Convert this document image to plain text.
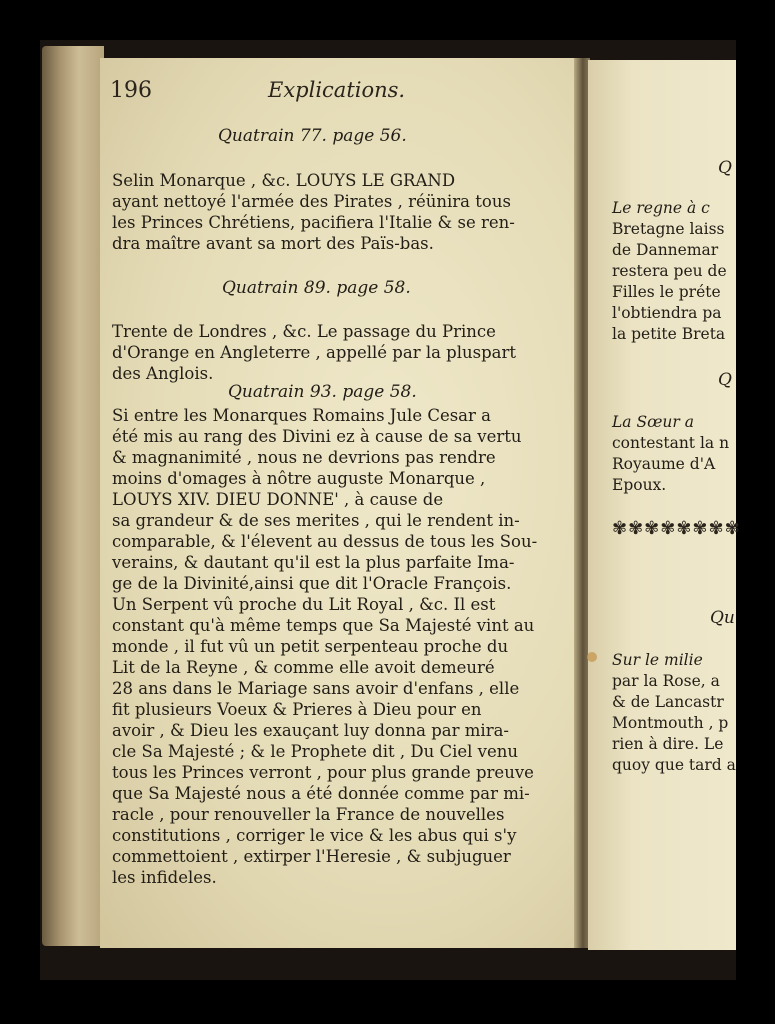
196	Explications.
Quatrain 77. page 56.
Selin Monarque , &c. LOUYS LE GRAND
ayant nettoyé l'armée des Pirates , réünira tous
les Princes Chrétiens, pacifiera l'Italie & se ren-
dra maître avant sa mort des Païs-bas.
Quatrain 89. page 58.
Trente de Londres , &c. Le passage du Prince
d'Orange en Angleterre , appellé par la pluspart
des Anglois.
Quatrain 93. page 58.
Si entre les Monarques Romains Jule Cesar a
été mis au rang des Divini ez à cause de sa vertu
& magnanimité , nous ne devrions pas rendre
moins d'omages à nôtre auguste Monarque ,
LOUYS XIV. DIEU DONNE' , à cause de
sa grandeur & de ses merites , qui le rendent in-
comparable, & l'élevent au dessus de tous les Sou-
verains, & dautant qu'il est la plus parfaite Ima-
ge de la Divinité,ainsi que dit l'Oracle François.
Un Serpent vû proche du Lit Royal , &c. Il est
constant qu'à même temps que Sa Majesté vint au
monde , il fut vû un petit serpenteau proche du
Lit de la Reyne , & comme elle avoit demeuré
28 ans dans le Mariage sans avoir d'enfans , elle
fit plusieurs Voeux & Prieres à Dieu pour en
avoir , & Dieu les exauçant luy donna par mira-
cle Sa Majesté ; & le Prophete dit , Du Ciel venu
tous les Princes verront , pour plus grande preuve
que Sa Majesté nous a été donnée comme par mi-
racle , pour renouveller la France de nouvelles
constitutions , corriger le vice & les abus qui s'y
commettoient , extirper l'Heresie , & subjuguer
les infideles.
Q
Le regne à c
Bretagne laiss
de Dannemar
restera peu de
Filles le préte
l'obtiendra pa
la petite Breta
Q
La Sœur a
contestant la n
Royaume d'A
Epoux.
✾✾✾✾✾✾✾✾
Qu
Sur le milie
par la Rose, a
& de Lancastr
Montmouth , p
rien à dire. Le
quoy que tard a
